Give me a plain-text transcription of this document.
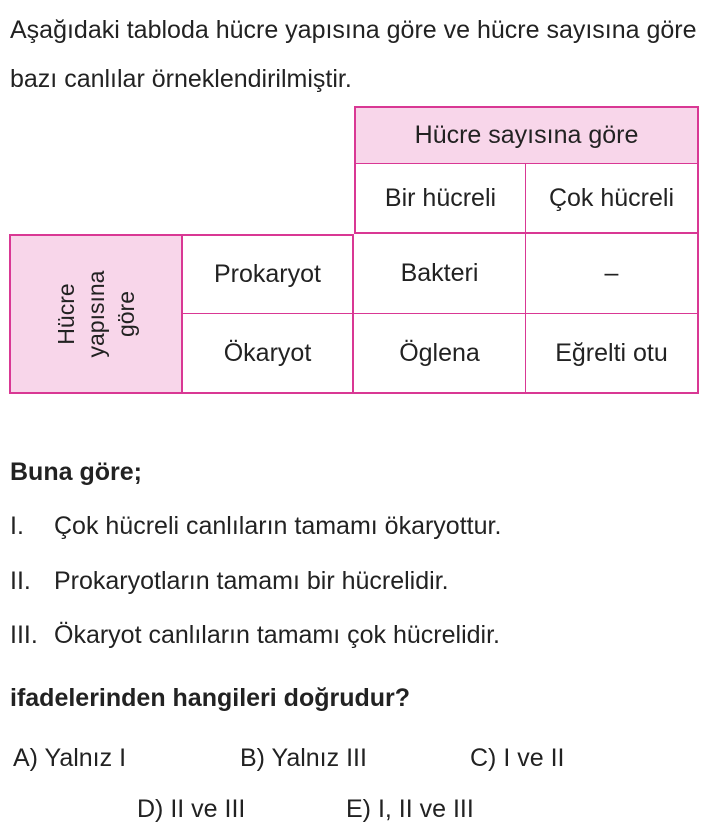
Aşağıdaki tabloda hücre yapısına göre ve hücre sayısına göre bazı canlılar örneklendirilmiştir.

Hücre sayısına göre
Bir hücreli	Çok hücreli
Hücre yapısına göre
Prokaryot	Bakteri	–
Ökaryot	Öglena	Eğrelti otu

Buna göre;

I. Çok hücreli canlıların tamamı ökaryottur.

II. Prokaryotların tamamı bir hücrelidir.

III. Ökaryot canlıların tamamı çok hücrelidir.

ifadelerinden hangileri doğrudur?

A) Yalnız I	B) Yalnız III	C) I ve II
D) II ve III	E) I, II ve III
